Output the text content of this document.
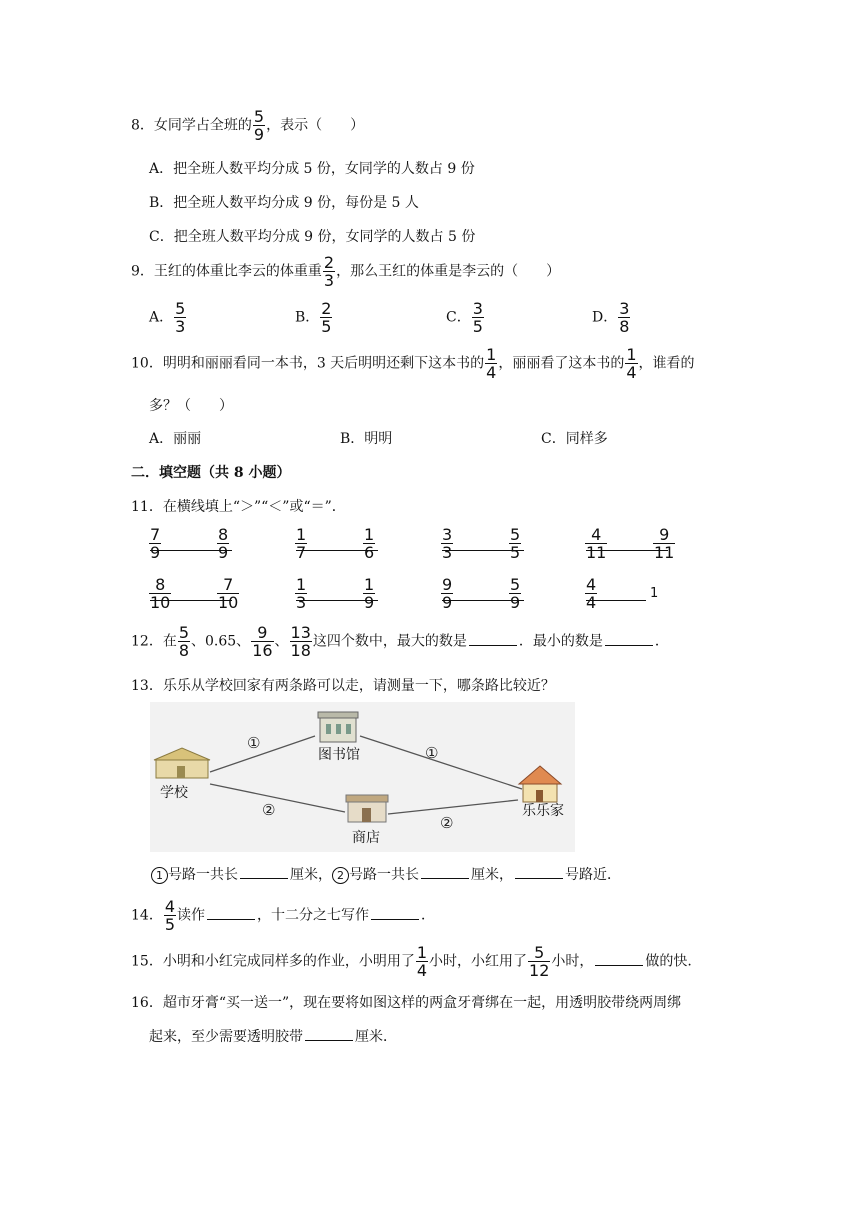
8．女同学占全班的 $\frac{5}{9}$ ，表示（　　）
A．把全班人数平均分成 5 份，女同学的人数占 9 份
B．把全班人数平均分成 9 份，每份是 5 人
C．把全班人数平均分成 9 份，女同学的人数占 5 份
9．王红的体重比李云的体重重 $\frac{2}{3}$ ，那么王红的体重是李云的（　　）
A． $\frac{5}{3}$	B． $\frac{2}{5}$	C． $\frac{3}{5}$	D． $\frac{3}{8}$
10．明明和丽丽看同一本书，3 天后明明还剩下这本书的 $\frac{1}{4}$ ，丽丽看了这本书的 $\frac{1}{4}$ ，谁看的
多？（　　）
A．丽丽	B．明明	C．同样多
二．填空题（共 8 小题）
11．在横线填上“＞”“＜”或“＝”．
$\frac{7}{9}$	$\frac{8}{9}$	$\frac{1}{7}$	$\frac{1}{6}$	$\frac{3}{3}$	$\frac{5}{5}$	$\frac{4}{11}$	$\frac{9}{11}$
$\frac{8}{10}$	$\frac{7}{10}$	$\frac{1}{3}$	$\frac{1}{9}$	$\frac{9}{9}$	$\frac{5}{9}$	$\frac{4}{4}$	1
12．在 $\frac{5}{8}$ 、0.65、 $\frac{9}{16}$ 、 $\frac{13}{18}$ 这四个数中，最大的数是	．最小的数是	．
13．乐乐从学校回家有两条路可以走，请测量一下，哪条路比较近？
学校
图书馆
商店
乐乐家
①
①
②
②
1 号路一共长	厘米， 2 号路一共长	厘米，	号路近．
14． $\frac{4}{5}$ 读作	，十二分之七写作	．
15．小明和小红完成同样多的作业，小明用了 $\frac{1}{4}$ 小时，小红用了 $\frac{5}{12}$ 小时，	做的快.
16．超市牙膏“买一送一”，现在要将如图这样的两盒牙膏绑在一起，用透明胶带绕两周绑
起来，至少需要透明胶带	厘米．
